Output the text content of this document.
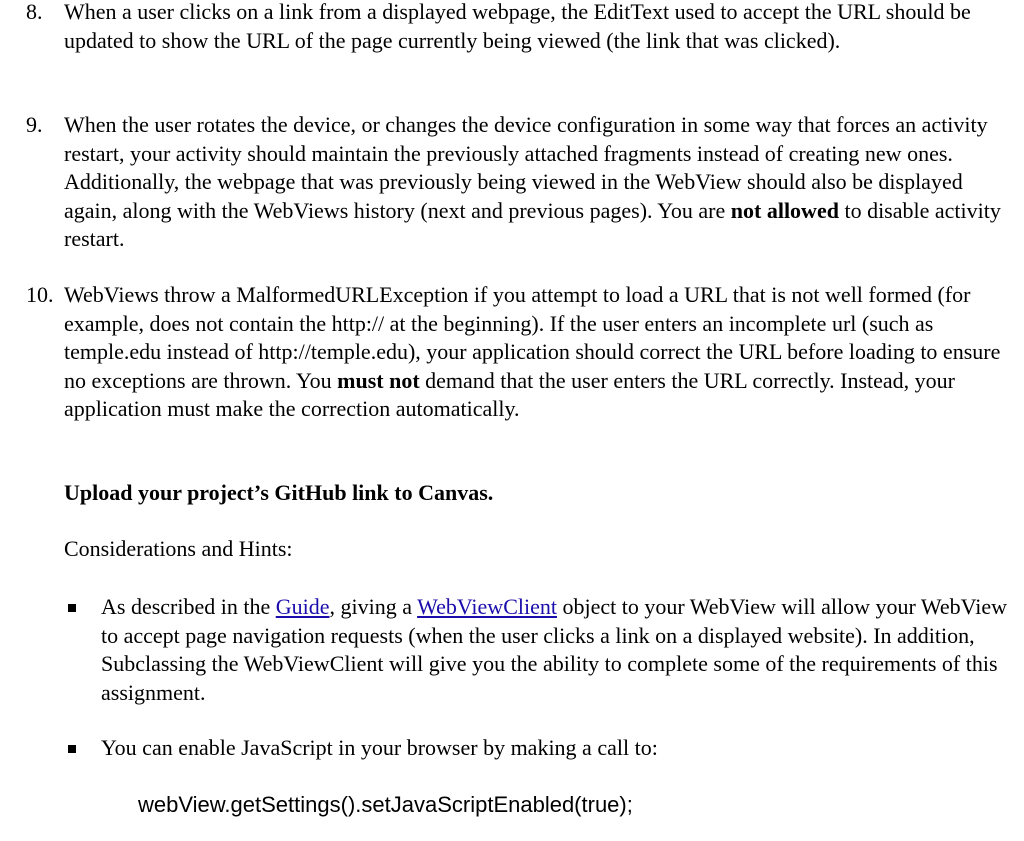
8. When a user clicks on a link from a displayed webpage, the EditText used to accept the URL should be updated to show the URL of the page currently being viewed (the link that was clicked).
9. When the user rotates the device, or changes the device configuration in some way that forces an activity restart, your activity should maintain the previously attached fragments instead of creating new ones. Additionally, the webpage that was previously being viewed in the WebView should also be displayed again, along with the WebViews history (next and previous pages). You are not allowed to disable activity restart.
10. WebViews throw a MalformedURLException if you attempt to load a URL that is not well formed (for example, does not contain the http:// at the beginning). If the user enters an incomplete url (such as temple.edu instead of http://temple.edu), your application should correct the URL before loading to ensure no exceptions are thrown. You must not demand that the user enters the URL correctly. Instead, your application must make the correction automatically.
Upload your project’s GitHub link to Canvas.
Considerations and Hints:
As described in the Guide, giving a WebViewClient object to your WebView will allow your WebView to accept page navigation requests (when the user clicks a link on a displayed website). In addition, Subclassing the WebViewClient will give you the ability to complete some of the requirements of this assignment.
You can enable JavaScript in your browser by making a call to:
webView.getSettings().setJavaScriptEnabled(true);
